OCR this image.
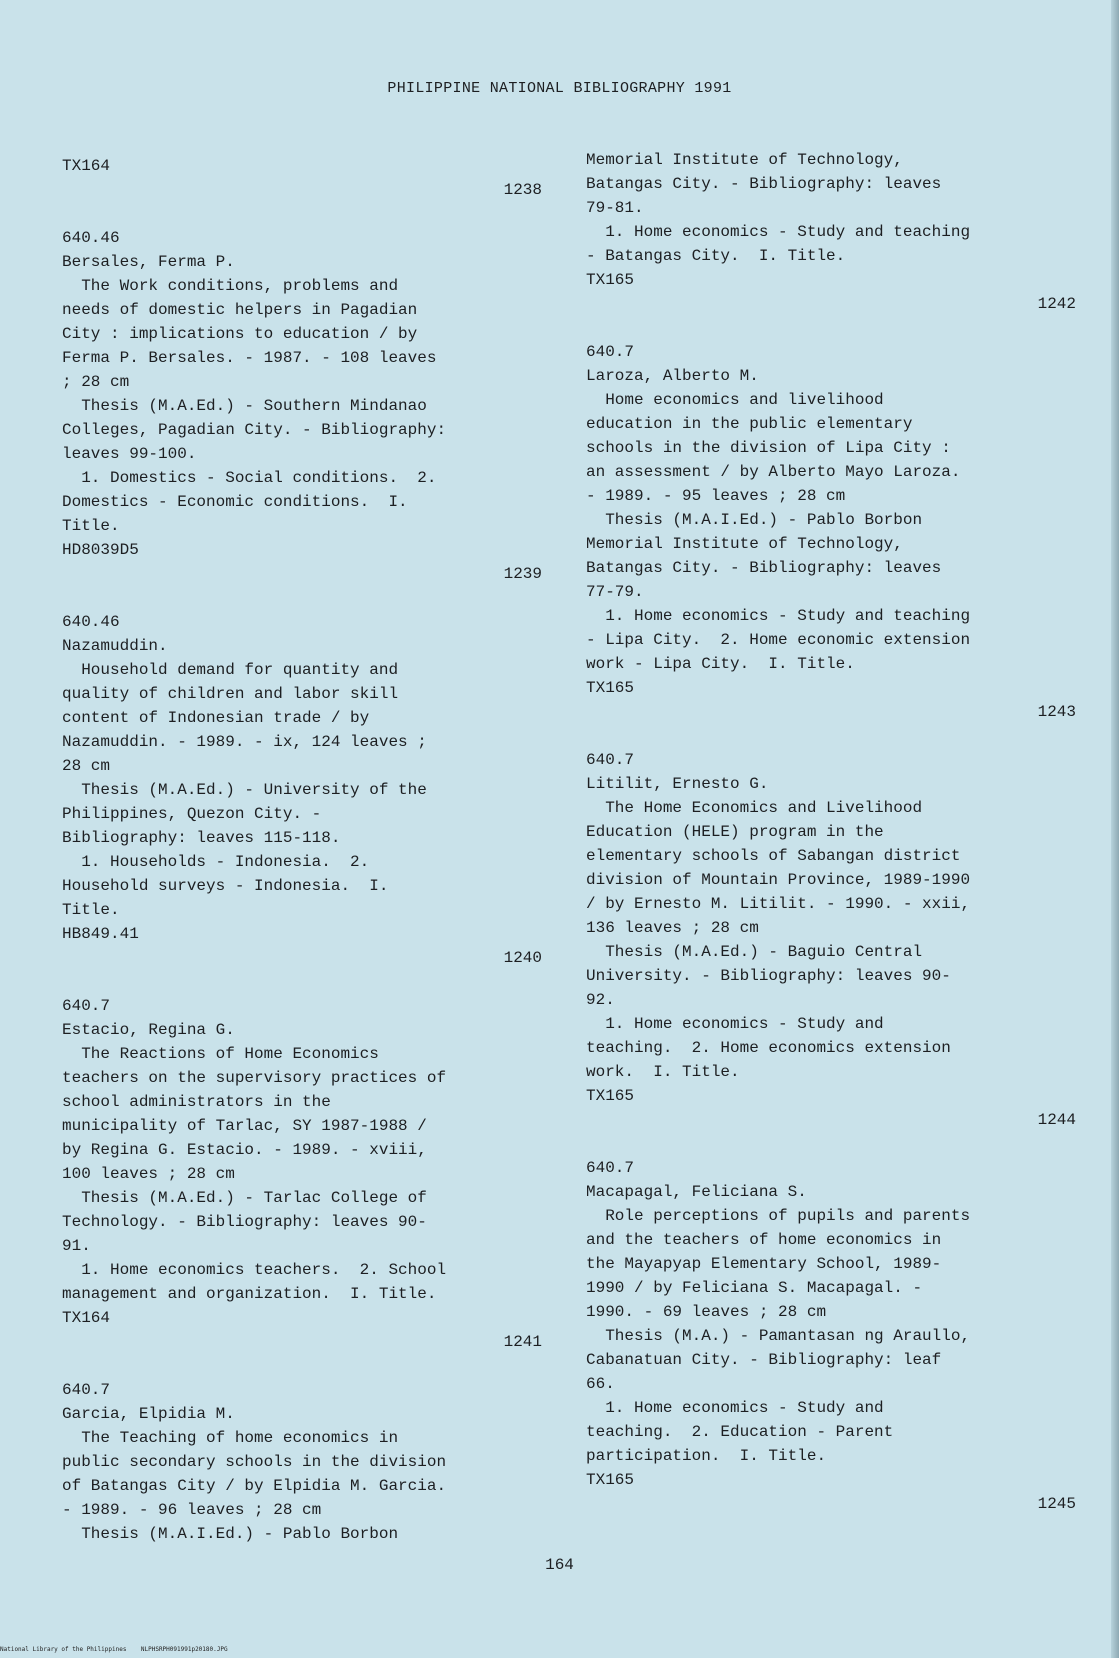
PHILIPPINE NATIONAL BIBLIOGRAPHY 1991
TX164
1238
640.46
Bersales, Ferma P.
The Work conditions, problems and
needs of domestic helpers in Pagadian
City : implications to education / by
Ferma P. Bersales. - 1987. - 108 leaves
; 28 cm
Thesis (M.A.Ed.) - Southern Mindanao
Colleges, Pagadian City. - Bibliography:
leaves 99-100.
1. Domestics - Social conditions.  2.
Domestics - Economic conditions.  I.
Title.
HD8039D5
1239
640.46
Nazamuddin.
Household demand for quantity and
quality of children and labor skill
content of Indonesian trade / by
Nazamuddin. - 1989. - ix, 124 leaves ;
28 cm
Thesis (M.A.Ed.) - University of the
Philippines, Quezon City. -
Bibliography: leaves 115-118.
1. Households - Indonesia.  2.
Household surveys - Indonesia.  I.
Title.
HB849.41
1240
640.7
Estacio, Regina G.
The Reactions of Home Economics
teachers on the supervisory practices of
school administrators in the
municipality of Tarlac, SY 1987-1988 /
by Regina G. Estacio. - 1989. - xviii,
100 leaves ; 28 cm
Thesis (M.A.Ed.) - Tarlac College of
Technology. - Bibliography: leaves 90-
91.
1. Home economics teachers.  2. School
management and organization.  I. Title.
TX164
1241
640.7
Garcia, Elpidia M.
The Teaching of home economics in
public secondary schools in the division
of Batangas City / by Elpidia M. Garcia.
- 1989. - 96 leaves ; 28 cm
Thesis (M.A.I.Ed.) - Pablo Borbon
Memorial Institute of Technology,
Batangas City. - Bibliography: leaves
79-81.
1. Home economics - Study and teaching
- Batangas City.  I. Title.
TX165
1242
640.7
Laroza, Alberto M.
Home economics and livelihood
education in the public elementary
schools in the division of Lipa City :
an assessment / by Alberto Mayo Laroza.
- 1989. - 95 leaves ; 28 cm
Thesis (M.A.I.Ed.) - Pablo Borbon
Memorial Institute of Technology,
Batangas City. - Bibliography: leaves
77-79.
1. Home economics - Study and teaching
- Lipa City.  2. Home economic extension
work - Lipa City.  I. Title.
TX165
1243
640.7
Litilit, Ernesto G.
The Home Economics and Livelihood
Education (HELE) program in the
elementary schools of Sabangan district
division of Mountain Province, 1989-1990
/ by Ernesto M. Litilit. - 1990. - xxii,
136 leaves ; 28 cm
Thesis (M.A.Ed.) - Baguio Central
University. - Bibliography: leaves 90-
92.
1. Home economics - Study and
teaching.  2. Home economics extension
work.  I. Title.
TX165
1244
640.7
Macapagal, Feliciana S.
Role perceptions of pupils and parents
and the teachers of home economics in
the Mayapyap Elementary School, 1989-
1990 / by Feliciana S. Macapagal. -
1990. - 69 leaves ; 28 cm
Thesis (M.A.) - Pamantasan ng Araullo,
Cabanatuan City. - Bibliography: leaf
66.
1. Home economics - Study and
teaching.  2. Education - Parent
participation.  I. Title.
TX165
1245
164
National Library of the Philippines    NLPHSRPH091991p20180.JPG
